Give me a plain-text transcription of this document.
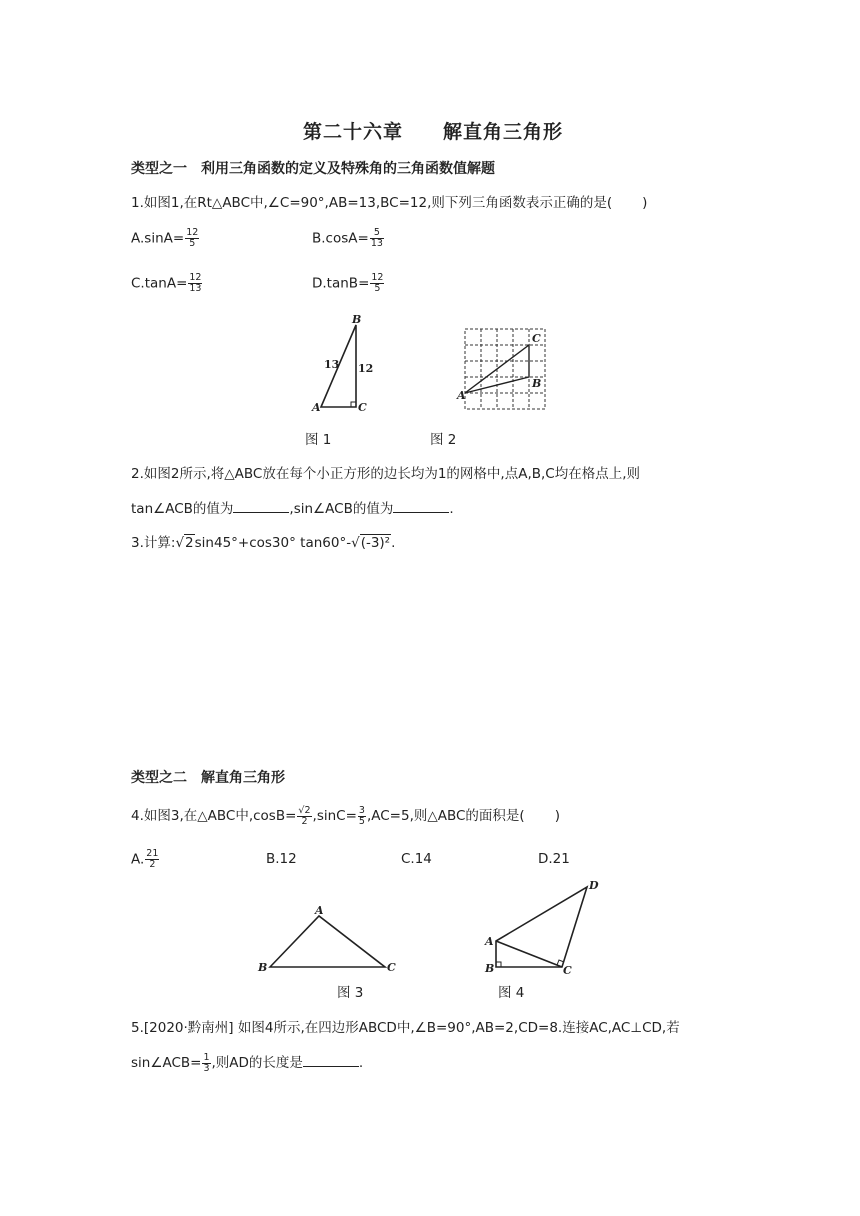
第二十六章　　解直角三角形
类型之一　利用三角函数的定义及特殊角的三角函数值解题
1.如图1,在Rt△ABC中,∠C=90°,AB=13,BC=12,则下列三角函数表示正确的是( )
$A.\sin A= \frac{12}{5}$	$B.\cos A= \frac{5}{13}$
$C.\tan A= \frac{12}{13}$	$D.\tan B= \frac{12}{5}$
B
A	C
13 12
图 1
C
B
A
图 2
2.如图2所示,将△ABC放在每个小正方形的边长均为1的网格中,点A,B,C均在格点上,则
tan∠ACB的值为	,sin∠ACB的值为	.
3.计算:√2sin45°+cos30° tan60°-√(-3)².
类型之二　解直角三角形
4.如图3,在△ABC中$,\cos B= \frac{√2}{2} ,\sin C= \frac{3}{5} ,AC=5$,则△ABC的面积是( )
A. $\frac{21}{2}$	B.12	C.14	D.21
A
B	C
图 3
D
A
B	C
图 4
5.[2020·黔南州] 如图4所示,在四边形ABCD中,∠B=90°,AB=2,CD=8.连接AC,AC⊥CD,若
sin∠ACB= $\frac{1}{3}$ ,则AD的长度是	.
